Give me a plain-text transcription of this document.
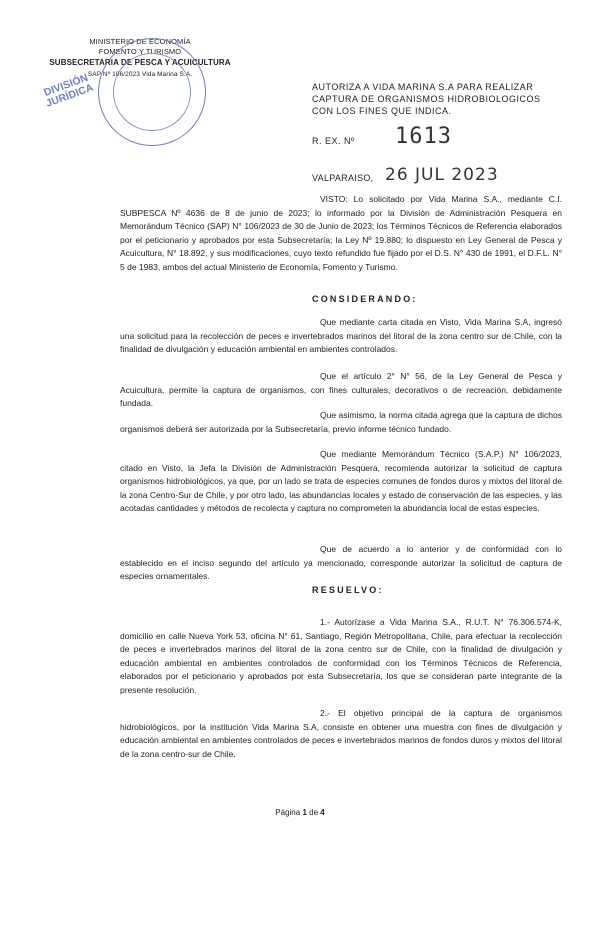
MINISTERIO DE ECONOMÍA
FOMENTO Y TURISMO
SUBSECRETARIA DE PESCA Y ACUICULTURA
SAP Nº 106/2023 Vida Marina S.A.
DIVISIÓN JURÍDICA	AUTORIZA A VIDA MARINA S.A PARA REALIZAR CAPTURA DE ORGANISMOS HIDROBIOLOGICOS CON LOS FINES QUE INDICA.
R. EX. Nº 1613
VALPARAISO, 26 JUL 2023
VISTO: Lo solicitado por Vida Marina S.A., mediante C.I. SUBPESCA Nº 4636 de 8 de junio de 2023; lo informado por la División de Administración Pesquera en Memorándum Técnico (SAP) N° 106/2023 de 30 de Junio de 2023; los Términos Técnicos de Referencia elaborados por el peticionario y aprobados por esta Subsecretaría; la Ley Nº 19.880; lo dispuesto en Ley General de Pesca y Acuicultura, N° 18.892, y sus modificaciones, cuyo texto refundido fue fijado por el D.S. N° 430 de 1991, el D.F.L. N° 5 de 1983, ambos del actual Ministerio de Economía, Fomento y Turismo.
CONSIDERANDO:
Que mediante carta citada en Visto, Vida Marina S.A, ingresó una solicitud para la recolección de peces e invertebrados marinos del litoral de la zona centro sur de Chile, con la finalidad de divulgación y educación ambiental en ambientes controlados.
Que el artículo 2° N° 56, de la Ley General de Pesca y Acuicultura, permite la captura de organismos, con fines culturales, decorativos o de recreación, debidamente fundada.
Que asimismo, la norma citada agrega que la captura de dichos organismos deberá ser autorizada por la Subsecretaría, previo informe técnico fundado.
Que mediante Memorándum Técnico (S.A.P.) N° 106/2023, citado en Visto, la Jefa la División de Administración Pesquera, recomienda autorizar la solicitud de captura organismos hidrobiológicos, ya que, por un lado se trata de especies comunes de fondos duros y mixtos del litoral de la zona Centro-Sur de Chile, y por otro lado, las abundancias locales y estado de conservación de las especies, y las acotadas cantidades y métodos de recolecta y captura no comprometen la abundancia local de estas especies.
Que de acuerdo a lo anterior y de conformidad con lo establecido en el inciso segundo del artículo ya mencionado, corresponde autorizar la solicitud de captura de especies ornamentales.
RESUELVO:
1.- Autorízase a Vida Marina S.A., R.U.T. N° 76.306.574-K, domicilio en calle Nueva York 53, oficina N° 61, Santiago, Región Metropolitana, Chile, para efectuar la recolección de peces e invertebrados marinos del litoral de la zona centro sur de Chile, con la finalidad de divulgación y educación ambiental en ambientes controlados de conformidad con los Términos Técnicos de Referencia, elaborados por el peticionario y aprobados por esta Subsecretaría, los que se consideran parte integrante de la presente resolución.
2.- El objetivo principal de la captura de organismos hidrobiológicos, por la institución Vida Marina S.A, consiste en obtener una muestra con fines de divulgación y educación ambiental en ambientes controlados de peces e invertebrados marinos de fondos duros y mixtos del litoral de la zona centro-sur de Chile.
Página 1 de 4
